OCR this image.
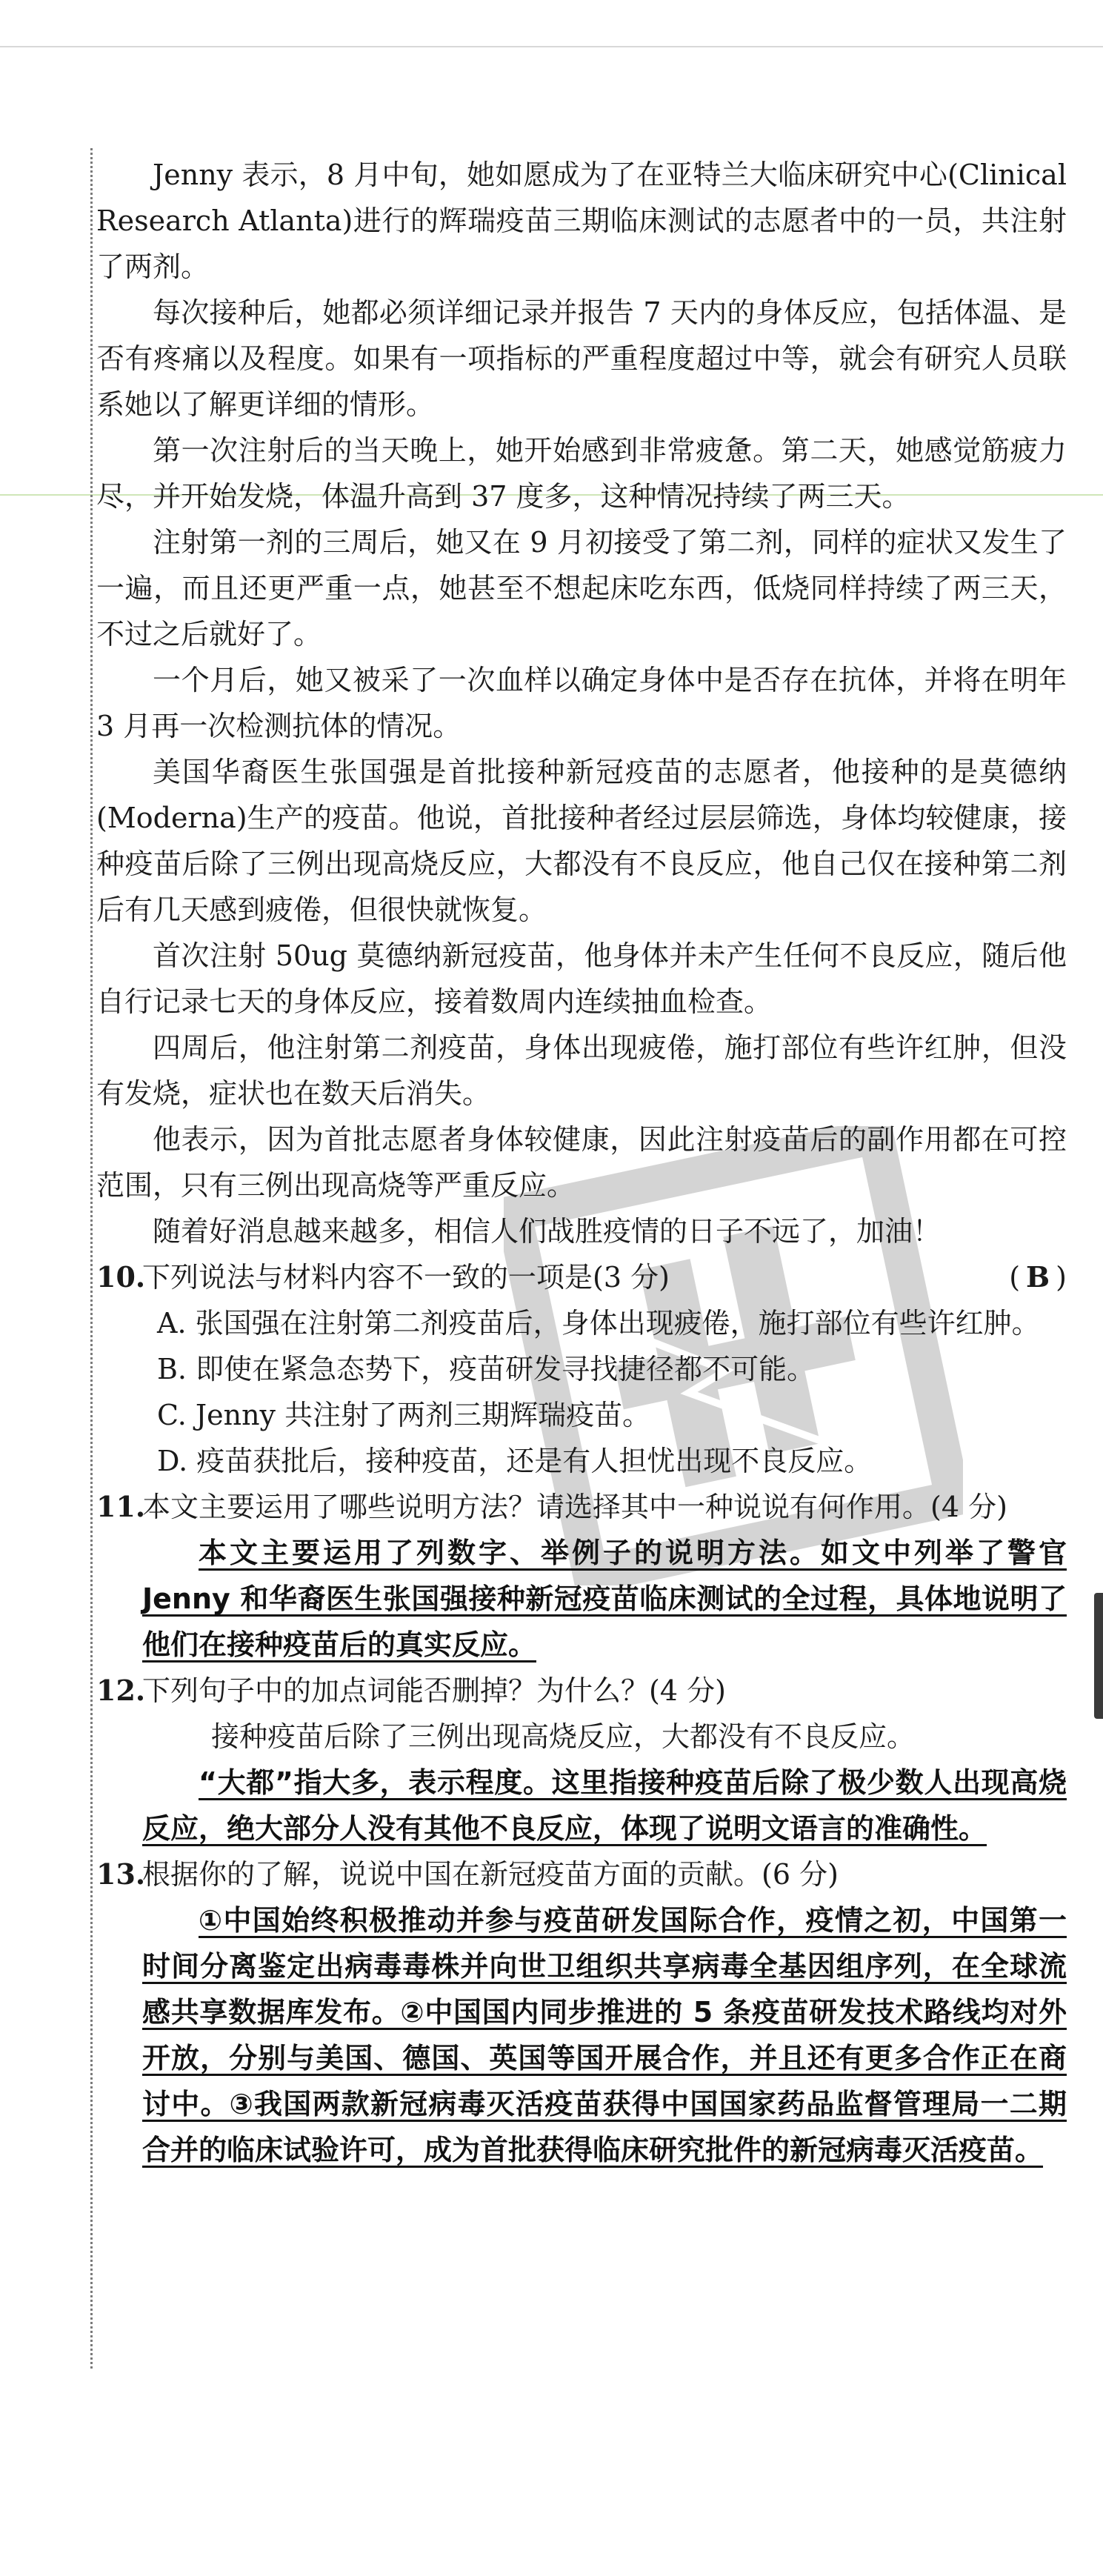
Jenny 表示，8 月中旬，她如愿成为了在亚特兰大临床研究中心(Clinical Research Atlanta)进行的辉瑞疫苗三期临床测试的志愿者中的一员，共注射了两剂。

每次接种后，她都必须详细记录并报告 7 天内的身体反应，包括体温、是否有疼痛以及程度。如果有一项指标的严重程度超过中等，就会有研究人员联系她以了解更详细的情形。

第一次注射后的当天晚上，她开始感到非常疲惫。第二天，她感觉筋疲力尽，并开始发烧，体温升高到 37 度多，这种情况持续了两三天。

注射第一剂的三周后，她又在 9 月初接受了第二剂，同样的症状又发生了一遍，而且还更严重一点，她甚至不想起床吃东西，低烧同样持续了两三天，不过之后就好了。

一个月后，她又被采了一次血样以确定身体中是否存在抗体，并将在明年 3 月再一次检测抗体的情况。

美国华裔医生张国强是首批接种新冠疫苗的志愿者，他接种的是莫德纳(Moderna)生产的疫苗。他说，首批接种者经过层层筛选，身体均较健康，接种疫苗后除了三例出现高烧反应，大都没有不良反应，他自己仅在接种第二剂后有几天感到疲倦，但很快就恢复。

首次注射 50ug 莫德纳新冠疫苗，他身体并未产生任何不良反应，随后他自行记录七天的身体反应，接着数周内连续抽血检查。

四周后，他注射第二剂疫苗，身体出现疲倦，施打部位有些许红肿，但没有发烧，症状也在数天后消失。

他表示，因为首批志愿者身体较健康，因此注射疫苗后的副作用都在可控范围，只有三例出现高烧等严重反应。

随着好消息越来越多，相信人们战胜疫情的日子不远了，加油！

10.下列说法与材料内容不一致的一项是(3 分)	( B )

A. 张国强在注射第二剂疫苗后，身体出现疲倦，施打部位有些许红肿。

B. 即使在紧急态势下，疫苗研发寻找捷径都不可能。

C. Jenny 共注射了两剂三期辉瑞疫苗。

D. 疫苗获批后，接种疫苗，还是有人担忧出现不良反应。

11.本文主要运用了哪些说明方法？请选择其中一种说说有何作用。(4 分)

本文主要运用了列数字、举例子的说明方法。如文中列举了警官 Jenny 和华裔医生张国强接种新冠疫苗临床测试的全过程，具体地说明了他们在接种疫苗后的真实反应。

12.下列句子中的加点词能否删掉？为什么？(4 分)

接种疫苗后除了三例出现高烧反应，大都没有不良反应。

“大都”指大多，表示程度。这里指接种疫苗后除了极少数人出现高烧反应，绝大部分人没有其他不良反应，体现了说明文语言的准确性。

13.根据你的了解，说说中国在新冠疫苗方面的贡献。(6 分)

①中国始终积极推动并参与疫苗研发国际合作，疫情之初，中国第一时间分离鉴定出病毒毒株并向世卫组织共享病毒全基因组序列，在全球流感共享数据库发布。②中国国内同步推进的 5 条疫苗研发技术路线均对外开放，分别与美国、德国、英国等国开展合作，并且还有更多合作正在商讨中。③我国两款新冠病毒灭活疫苗获得中国国家药品监督管理局一二期合并的临床试验许可，成为首批获得临床研究批件的新冠病毒灭活疫苗。
